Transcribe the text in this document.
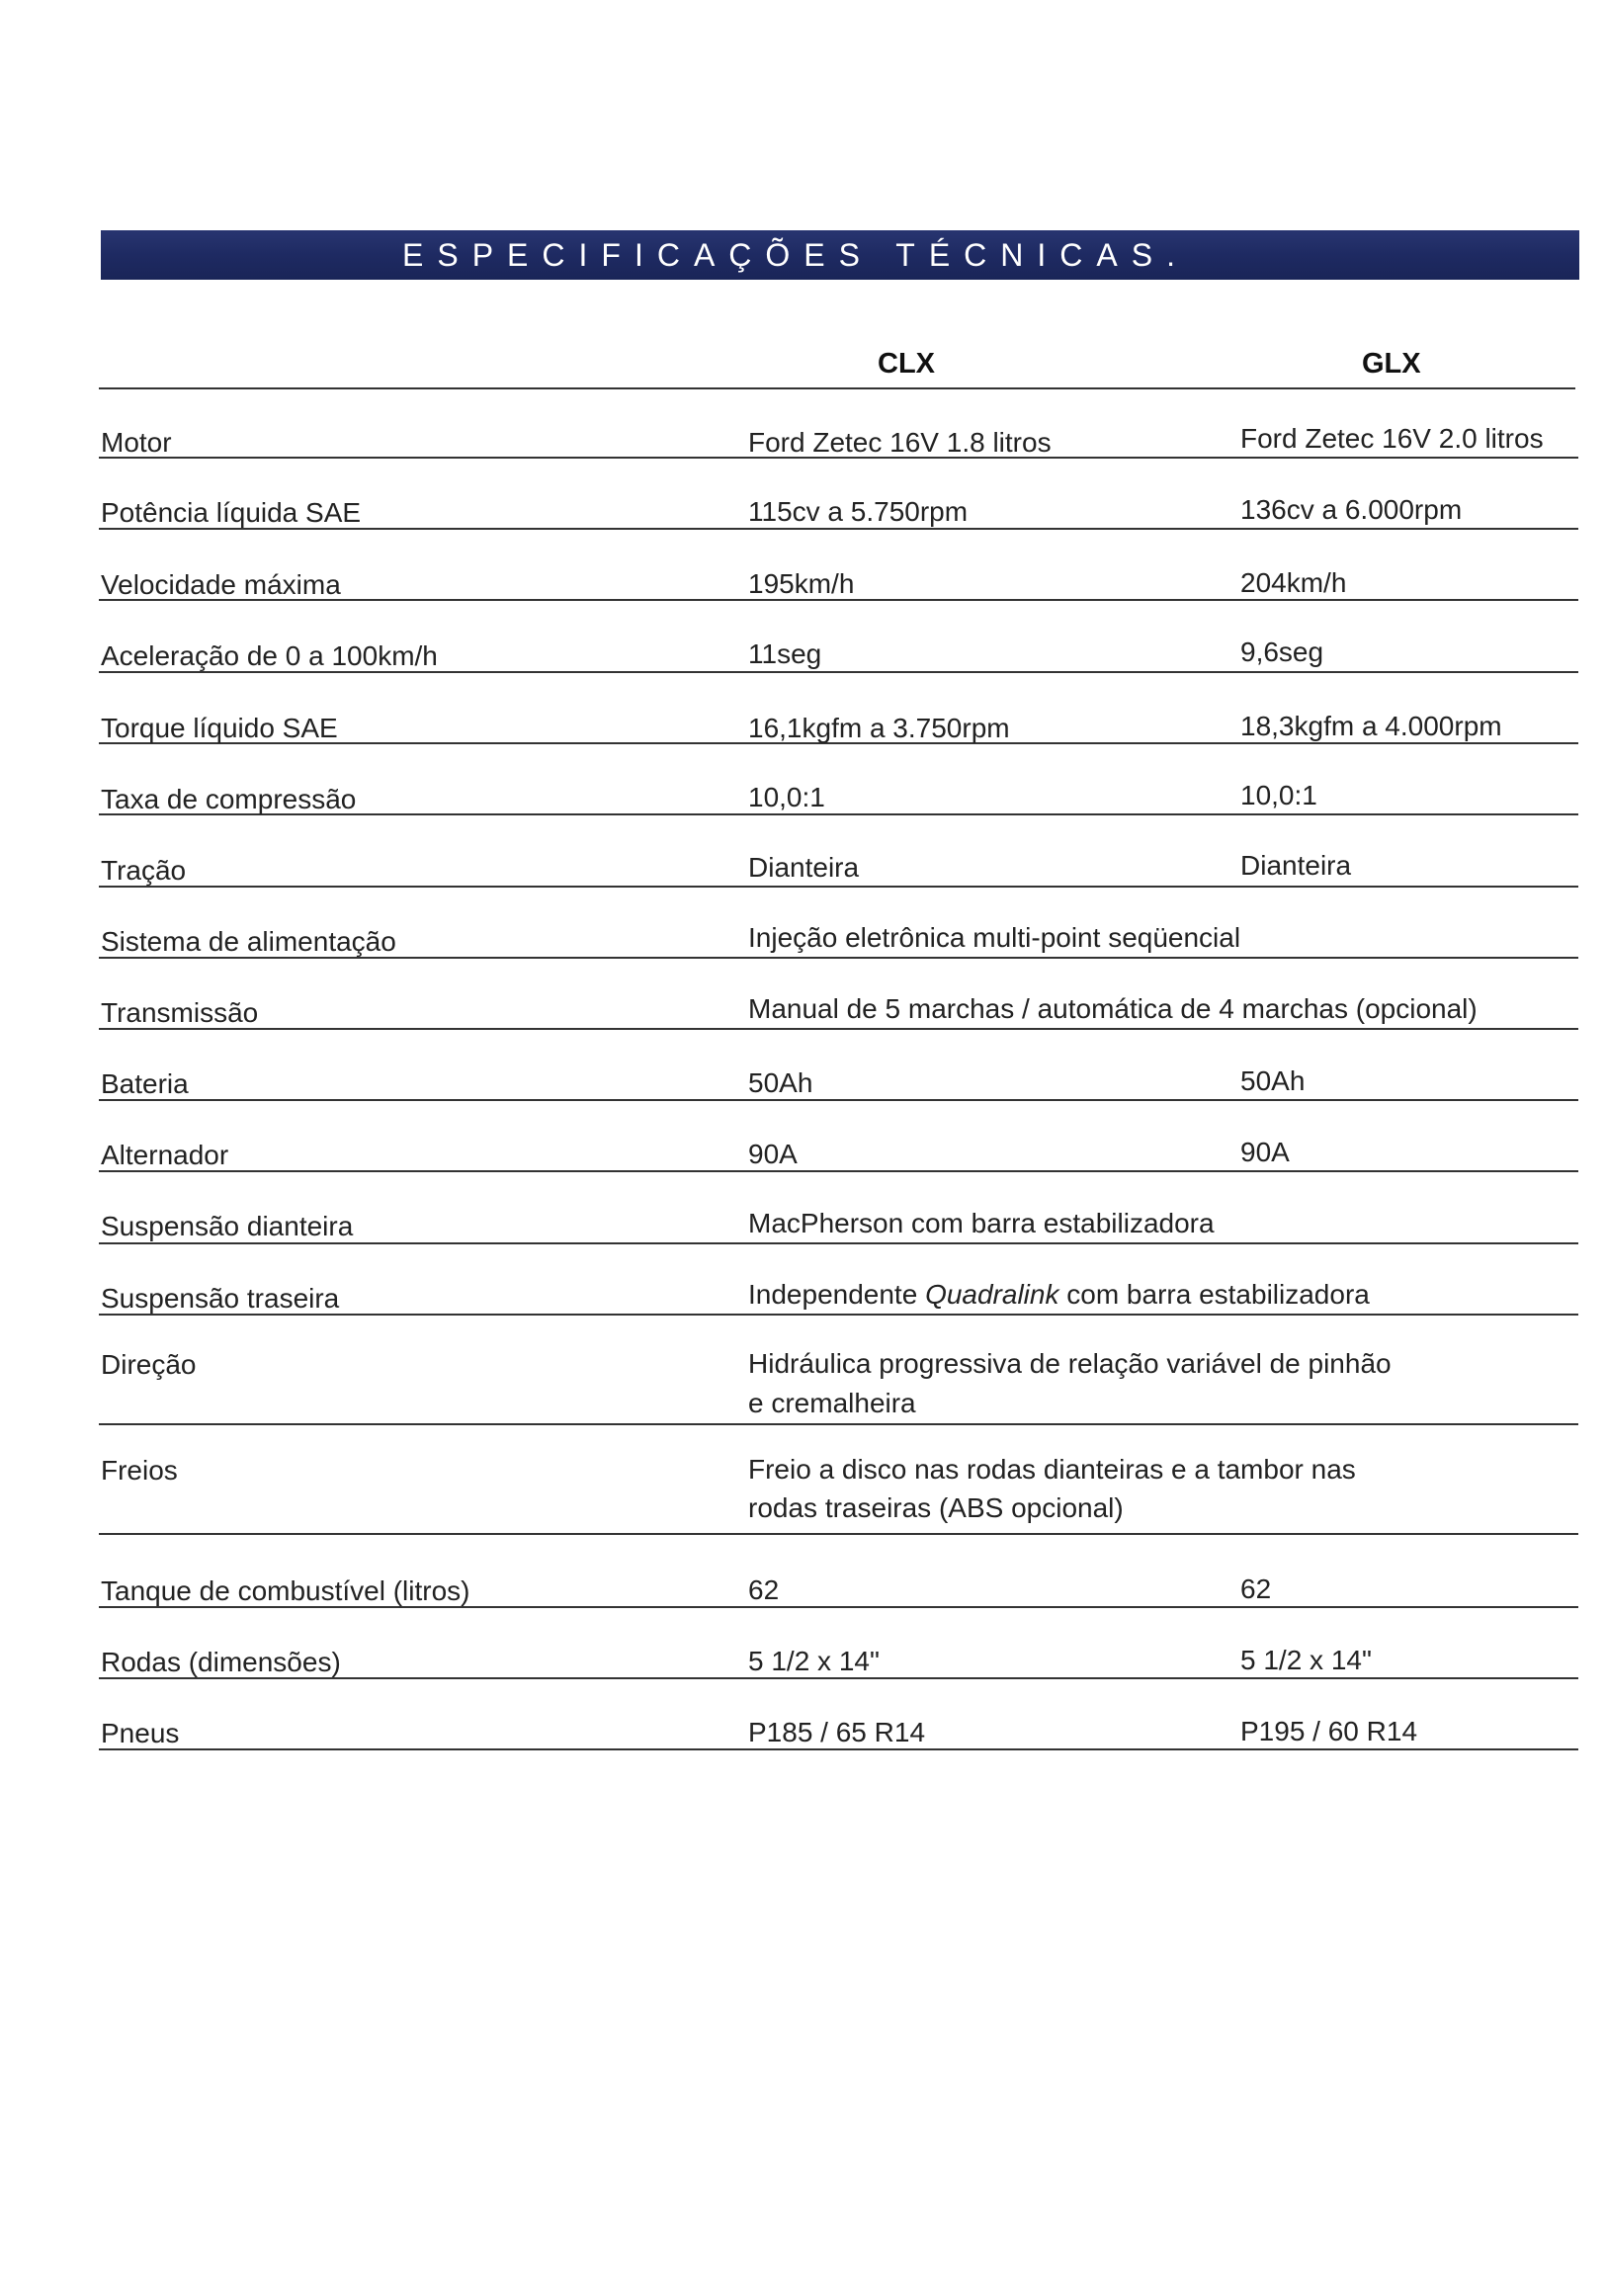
ESPECIFICAÇÕES TÉCNICAS.
CLX	GLX
Motor	Ford Zetec 16V 1.8 litros	Ford Zetec 16V 2.0 litros
Potência líquida SAE	115cv a 5.750rpm	136cv a 6.000rpm
Velocidade máxima	195km/h	204km/h
Aceleração de 0 a 100km/h	11seg	9,6seg
Torque líquido SAE	16,1kgfm a 3.750rpm	18,3kgfm a 4.000rpm
Taxa de compressão	10,0:1	10,0:1
Tração	Dianteira	Dianteira
Sistema de alimentação	Injeção eletrônica multi-point seqüencial
Transmissão	Manual de 5 marchas / automática de 4 marchas (opcional)
Bateria	50Ah	50Ah
Alternador	90A	90A
Suspensão dianteira	MacPherson com barra estabilizadora
Suspensão traseira	Independente Quadralink com barra estabilizadora
Direção	Hidráulica progressiva de relação variável de pinhão
e cremalheira
Freios	Freio a disco nas rodas dianteiras e a tambor nas
rodas traseiras (ABS opcional)
Tanque de combustível (litros)	62	62
Rodas (dimensões)	5 1/2 x 14"	5 1/2 x 14"
Pneus	P185 / 65 R14	P195 / 60 R14
